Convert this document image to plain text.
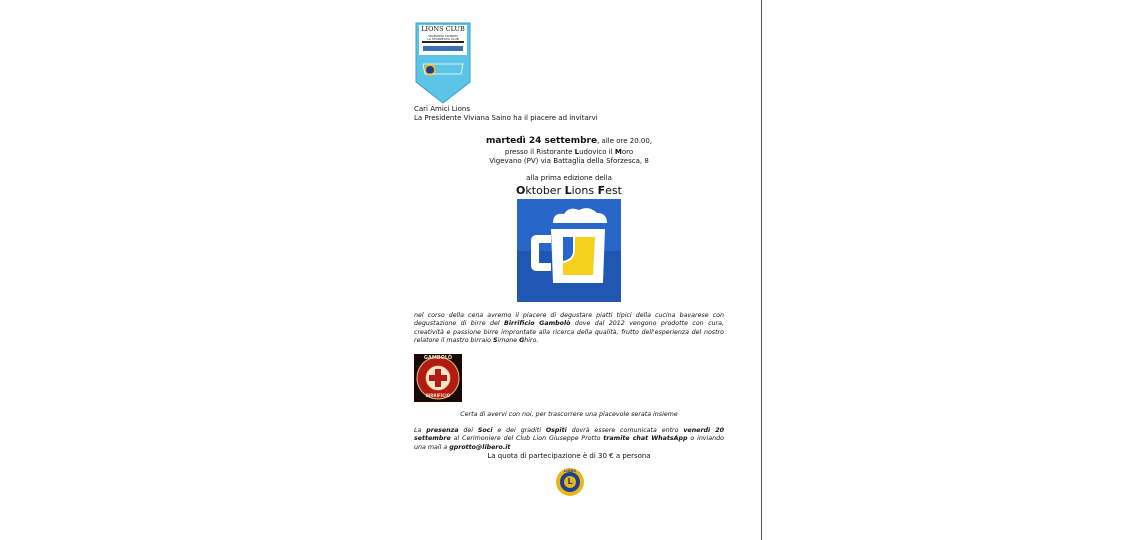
LIONS CLUB
VIGEVANO TICINUM
LA SFORZESCA CLUB
Cari Amici Lions
La Presidente Viviana Saino ha il piacere ad invitarvi
martedì 24 settembre, alle ore 20.00,
presso il Ristorante Ludovico il Moro
Vigevano (PV) via Battaglia della Sforzesca, 8
alla prima edizione della
Oktober Lions Fest
nel corso della cena avremo il piacere di degustare piatti tipici della cucina bavarese con degustazione di birre del Birrificio Gambolò dove dal 2012 vengono prodotte con cura, creatività e passione birre improntate alla ricerca della qualità, frutto dell'esperienza del nostro relatore il mastro birraio Simone Ghiro.
GAMBOLÒ
BIRRIFICIO
Certa di avervi con noi, per trascorrere una piacevole serata insieme
La presenza dei Soci e dei graditi Ospiti dovrà essere comunicata entro venerdì 20 settembre al Cerimoniere del Club Lion Giuseppe Protto tramite chat WhatsApp o inviando una mail a gprotto@libero.it
La quota di partecipazione è di 30 € a persona
LIONS
L
